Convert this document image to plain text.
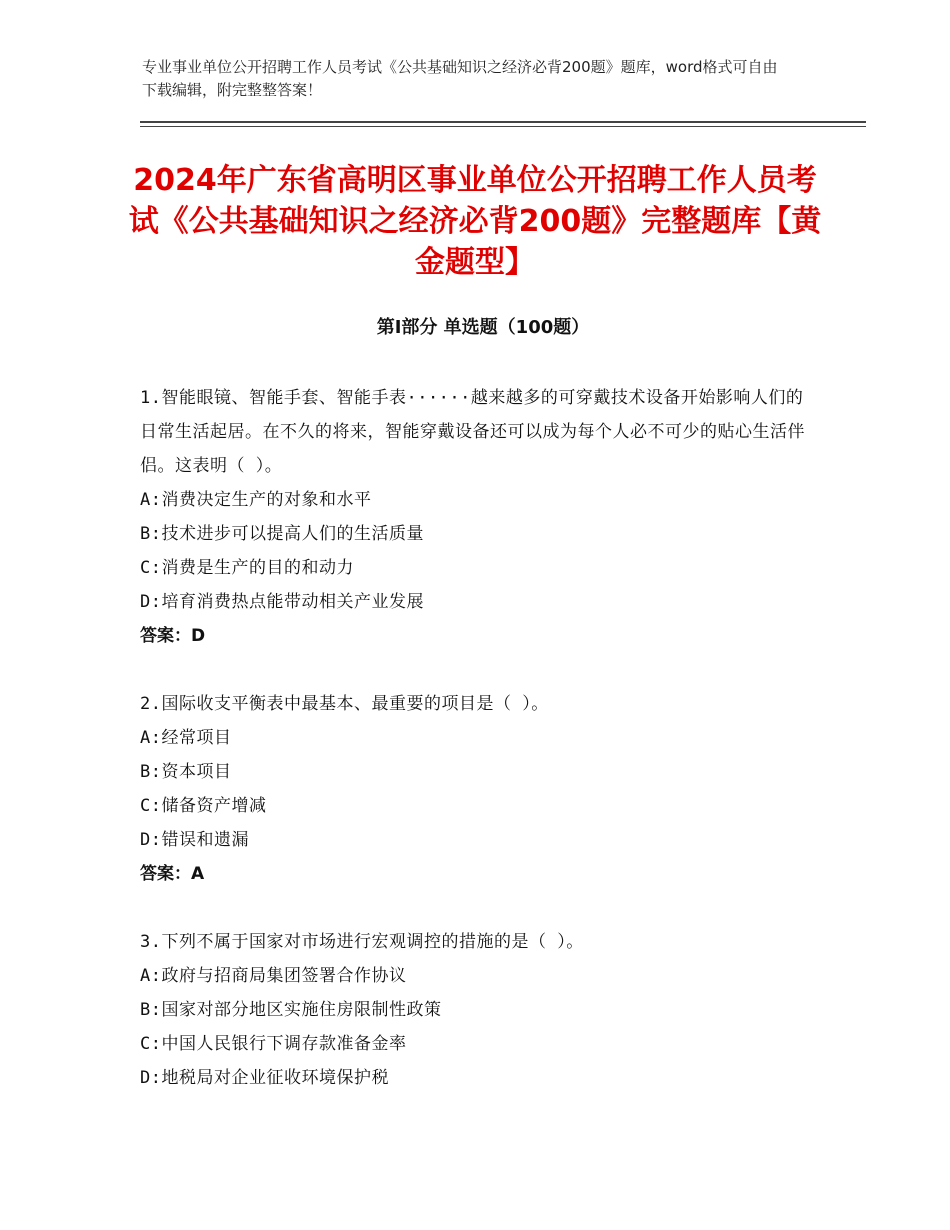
专业事业单位公开招聘工作人员考试《公共基础知识之经济必背200题》题库，word格式可自由下载编辑，附完整整答案！
2024年广东省高明区事业单位公开招聘工作人员考试《公共基础知识之经济必背200题》完整题库【黄金题型】
第Ⅰ部分 单选题（100题）
1.智能眼镜、智能手套、智能手表······越来越多的可穿戴技术设备开始影响人们的日常生活起居。在不久的将来，智能穿戴设备还可以成为每个人必不可少的贴心生活伴侣。这表明（ ）。
A:消费决定生产的对象和水平
B:技术进步可以提高人们的生活质量
C:消费是生产的目的和动力
D:培育消费热点能带动相关产业发展
答案：D
2.国际收支平衡表中最基本、最重要的项目是（ ）。
A:经常项目
B:资本项目
C:储备资产增减
D:错误和遗漏
答案：A
3.下列不属于国家对市场进行宏观调控的措施的是（ ）。
A:政府与招商局集团签署合作协议
B:国家对部分地区实施住房限制性政策
C:中国人民银行下调存款准备金率
D:地税局对企业征收环境保护税
